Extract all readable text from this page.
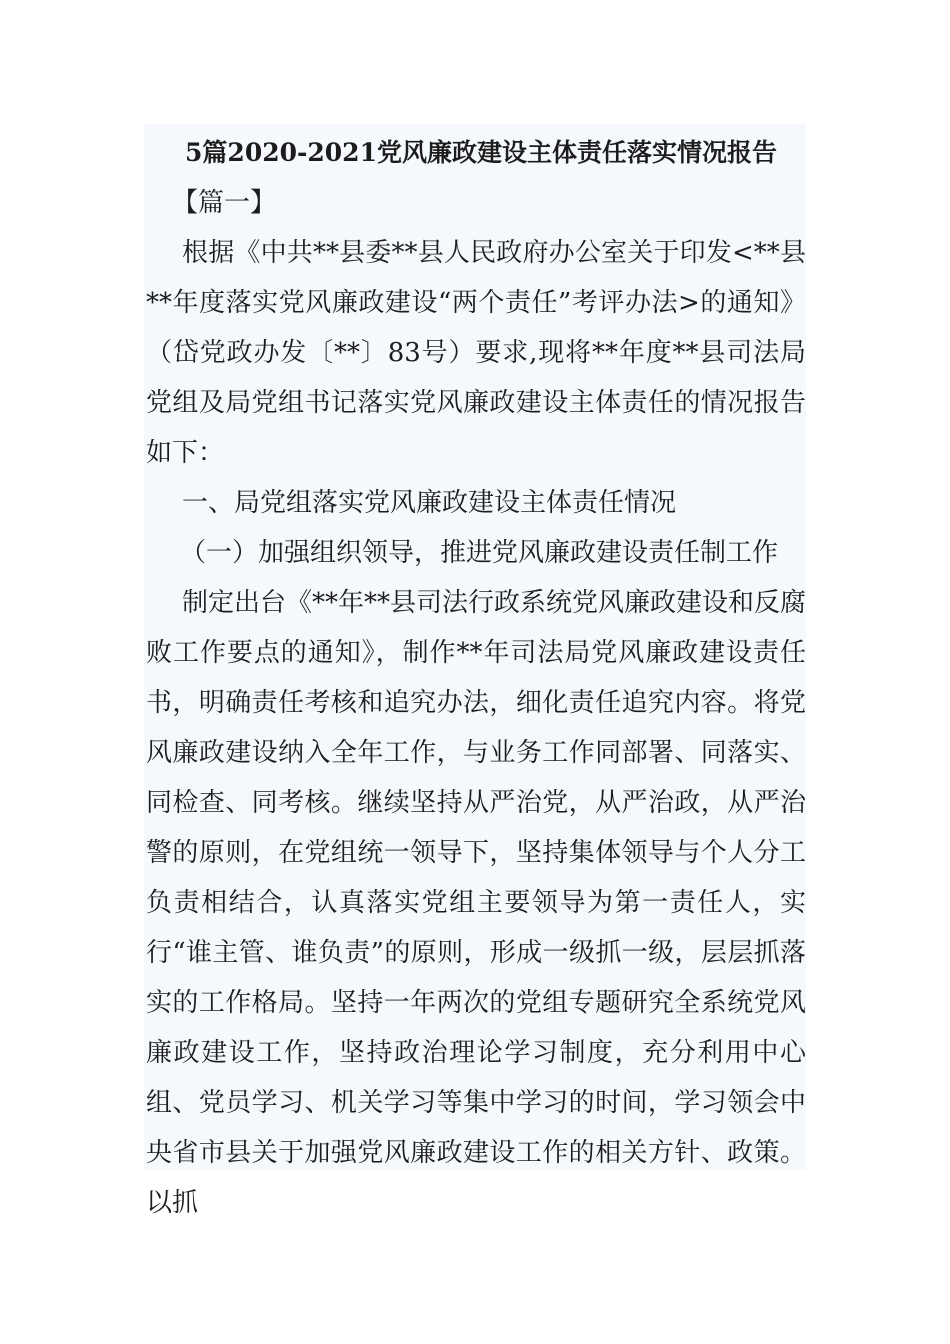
5篇2020-2021党风廉政建设主体责任落实情况报告

【篇一】

根据《中共**县委**县人民政府办公室关于印发<**县**年度落实党风廉政建设“两个责任”考评办法>的通知》（岱党政办发〔**〕83号）要求,现将**年度**县司法局党组及局党组书记落实党风廉政建设主体责任的情况报告如下：

一、局党组落实党风廉政建设主体责任情况

（一）加强组织领导，推进党风廉政建设责任制工作

制定出台《**年**县司法行政系统党风廉政建设和反腐败工作要点的通知》，制作**年司法局党风廉政建设责任书，明确责任考核和追究办法，细化责任追究内容。将党风廉政建设纳入全年工作，与业务工作同部署、同落实、同检查、同考核。继续坚持从严治党，从严治政，从严治警的原则，在党组统一领导下，坚持集体领导与个人分工负责相结合，认真落实党组主要领导为第一责任人，实行“谁主管、谁负责”的原则，形成一级抓一级，层层抓落实的工作格局。坚持一年两次的党组专题研究全系统党风廉政建设工作，坚持政治理论学习制度，充分利用中心组、党员学习、机关学习等集中学习的时间，学习领会中央省市县关于加强党风廉政建设工作的相关方针、政策。以抓
